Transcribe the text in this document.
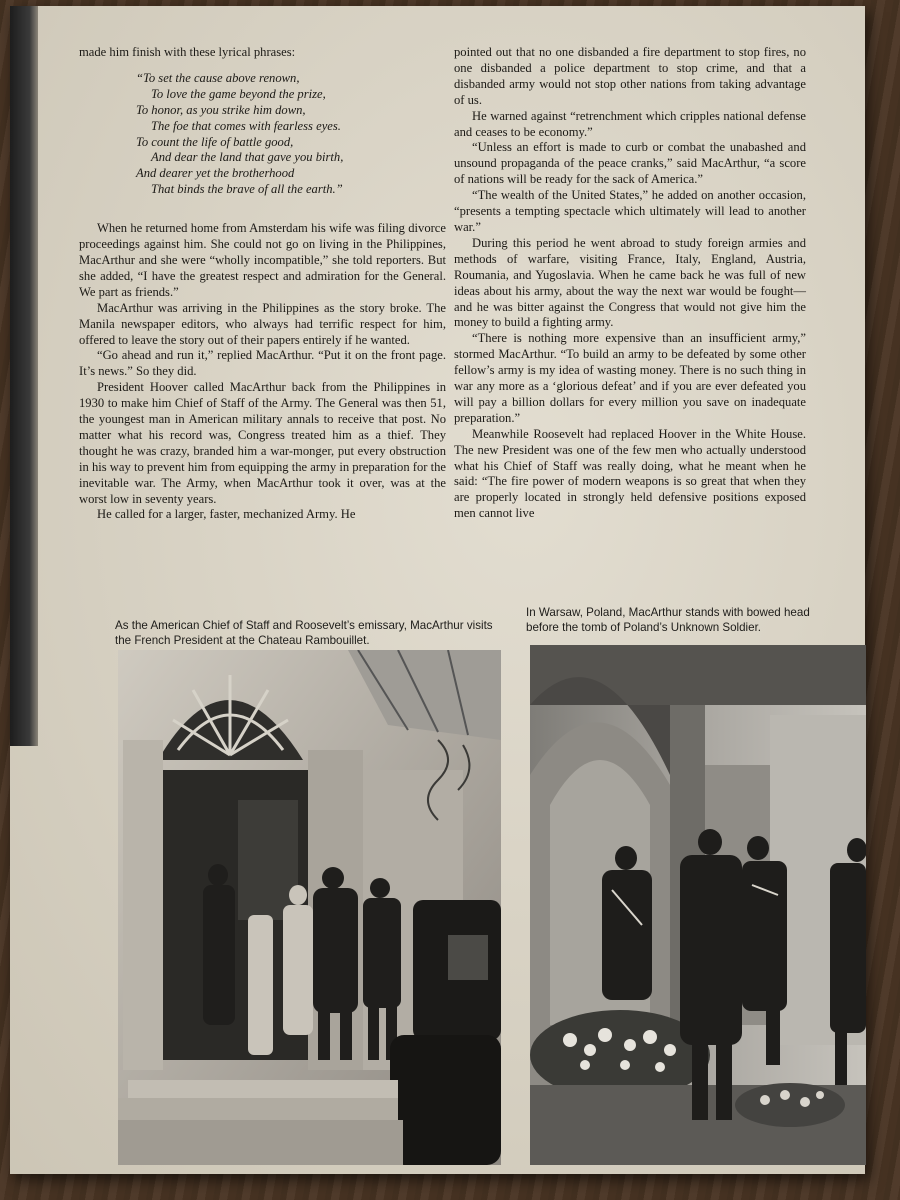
made him finish with these lyrical phrases:

“To set the cause above renown,
To love the game beyond the prize,
To honor, as you strike him down,
The foe that comes with fearless eyes.
To count the life of battle good,
And dear the land that gave you birth,
And dearer yet the brotherhood
That binds the brave of all the earth.”

When he returned home from Amsterdam his wife was filing divorce proceedings against him. She could not go on living in the Philippines, MacArthur and she were “wholly incompatible,” she told reporters. But she added, “I have the greatest respect and admiration for the General. We part as friends.”

MacArthur was arriving in the Philippines as the story broke. The Manila newspaper editors, who always had terrific respect for him, offered to leave the story out of their papers entirely if he wanted.

“Go ahead and run it,” replied MacArthur. “Put it on the front page. It’s news.” So they did.

President Hoover called MacArthur back from the Philippines in 1930 to make him Chief of Staff of the Army. The General was then 51, the youngest man in American military annals to receive that post. No matter what his record was, Congress treated him as a thief. They thought he was crazy, branded him a war-monger, put every obstruction in his way to prevent him from equipping the army in preparation for the inevitable war. The Army, when MacArthur took it over, was at the worst low in seventy years.

He called for a larger, faster, mechanized Army. He

pointed out that no one disbanded a fire department to stop fires, no one disbanded a police department to stop crime, and that a disbanded army would not stop other nations from taking advantage of us.

He warned against “retrenchment which cripples national defense and ceases to be economy.”

“Unless an effort is made to curb or combat the unabashed and unsound propaganda of the peace cranks,” said MacArthur, “a score of nations will be ready for the sack of America.”

“The wealth of the United States,” he added on another occasion, “presents a tempting spectacle which ultimately will lead to another war.”

During this period he went abroad to study foreign armies and methods of warfare, visiting France, Italy, England, Austria, Roumania, and Yugoslavia. When he came back he was full of new ideas about his army, about the way the next war would be fought—and he was bitter against the Congress that would not give him the money to build a fighting army.

“There is nothing more expensive than an insufficient army,” stormed MacArthur. “To build an army to be defeated by some other fellow’s army is my idea of wasting money. There is no such thing in war any more as a ‘glorious defeat’ and if you are ever defeated you will pay a billion dollars for every million you save on inadequate preparation.”

Meanwhile Roosevelt had replaced Hoover in the White House. The new President was one of the few men who actually understood what his Chief of Staff was really doing, what he meant when he said: “The fire power of modern weapons is so great that when they are properly located in strongly held defensive positions exposed men cannot live

As the American Chief of Staff and Roosevelt’s emissary, MacArthur visits the French President at the Chateau Rambouillet.
In Warsaw, Poland, MacArthur stands with bowed head before the tomb of Poland’s Unknown Soldier.
